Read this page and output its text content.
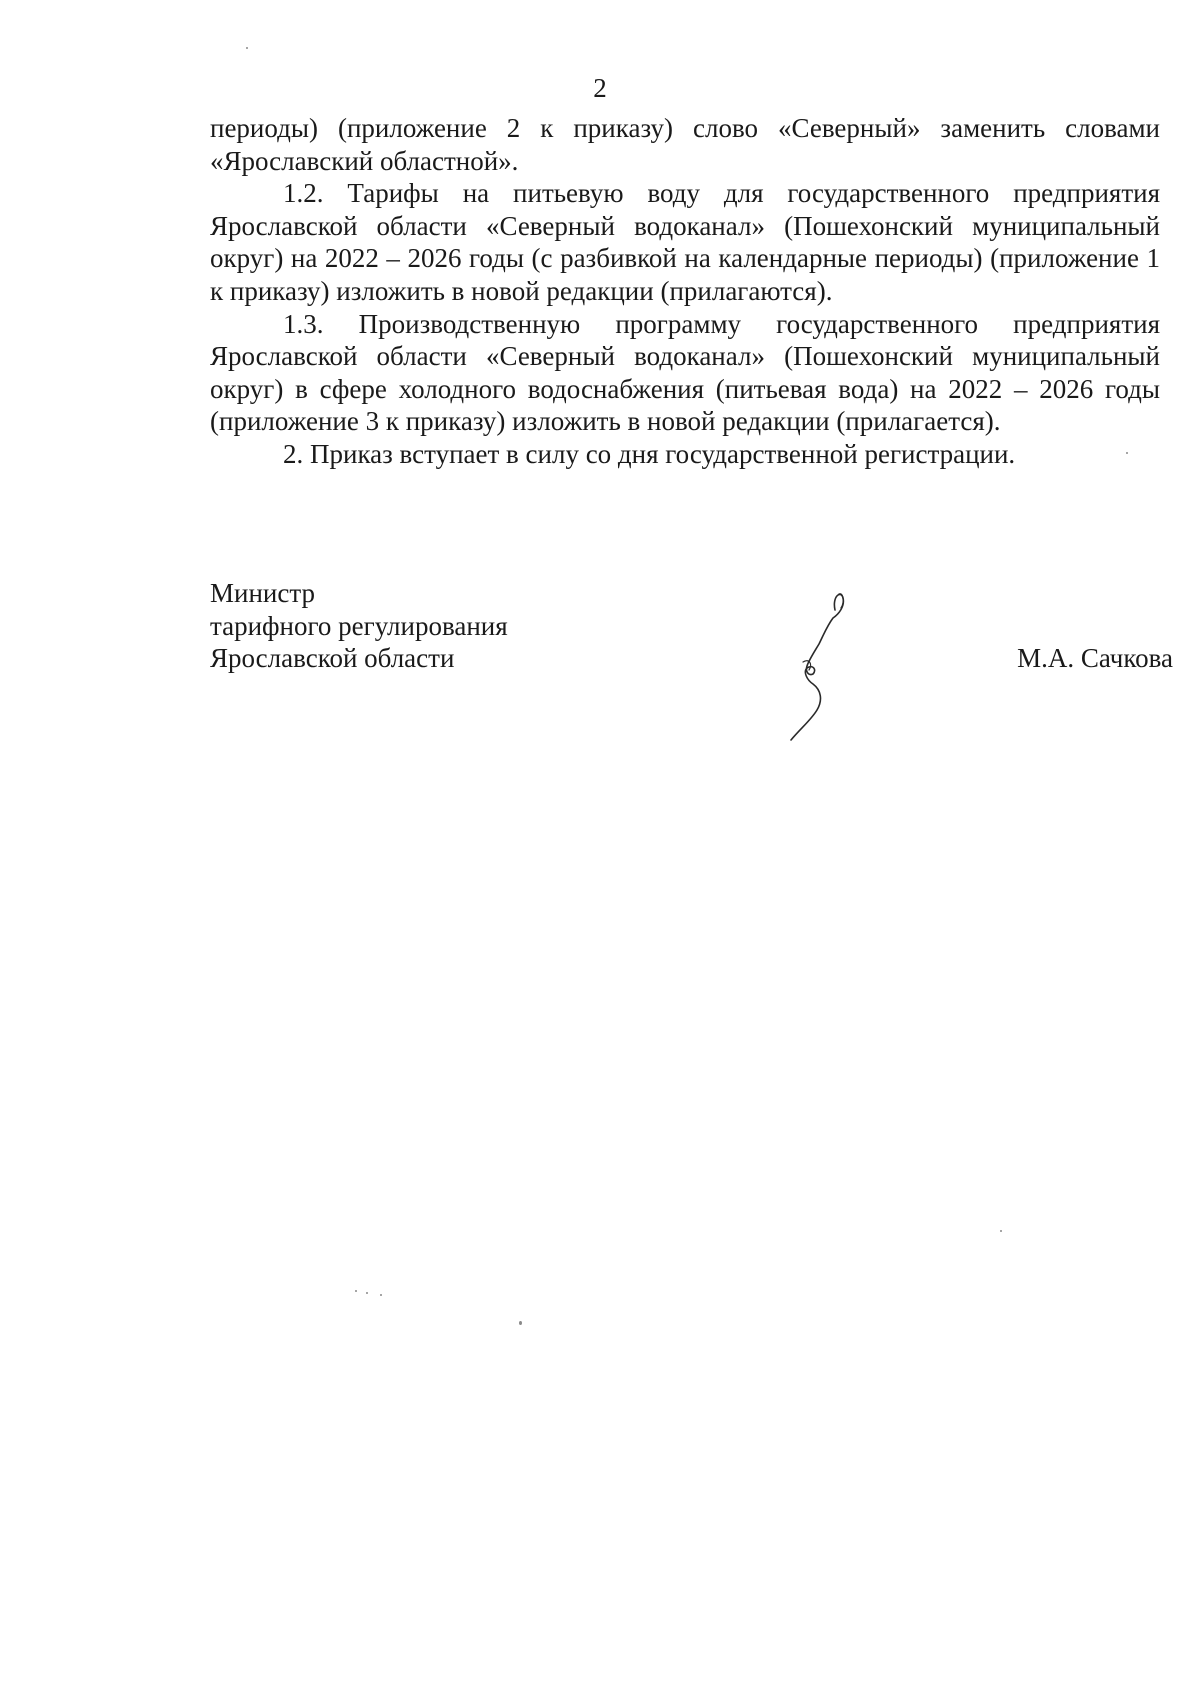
2

периоды) (приложение 2 к приказу) слово «Северный» заменить словами «Ярославский областной».

1.2. Тарифы на питьевую воду для государственного предприятия Ярославской области «Северный водоканал» (Пошехонский муниципальный округ) на 2022 – 2026 годы (с разбивкой на календарные периоды) (приложение 1 к приказу) изложить в новой редакции (прилагаются).

1.3. Производственную программу государственного предприятия Ярославской области «Северный водоканал» (Пошехонский муниципальный округ) в сфере холодного водоснабжения (питьевая вода) на 2022 – 2026 годы (приложение 3 к приказу) изложить в новой редакции (прилагается).

2. Приказ вступает в силу со дня государственной регистрации.

Министр
тарифного регулирования
Ярославской области	М.А. Сачкова
